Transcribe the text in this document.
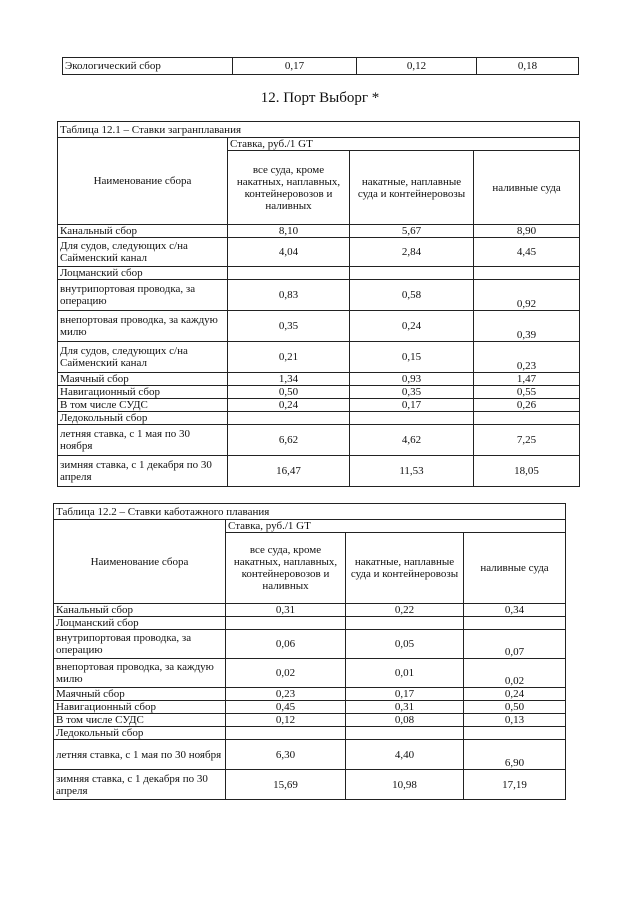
Экологический сбор	0,17	0,12	0,18
12. Порт Выборг *
Таблица 12.1 – Ставки загранплавания			
Наименование сбора	Ставка, руб./1 GT		
	все суда, кроме накатных, наплавных, контейнеровозов и наливных	накатные, наплавные суда и контейнеровозы	наливные суда
Канальный сбор	8,10	5,67	8,90
Для судов, следующих с/на Сайменский канал	4,04	2,84	4,45
Лоцманский сбор			
внутрипортовая проводка, за операцию	0,83	0,58	0,92
внепортовая проводка, за каждую милю	0,35	0,24	0,39
Для судов, следующих с/на Сайменский канал	0,21	0,15	0,23
Маячный сбор	1,34	0,93	1,47
Навигационный сбор	0,50	0,35	0,55
В том числе СУДС	0,24	0,17	0,26
Ледокольный сбор			
летняя ставка, с 1 мая по 30 ноября	6,62	4,62	7,25
зимняя ставка, с 1 декабря по 30 апреля	16,47	11,53	18,05
Таблица 12.2 – Ставки каботажного плавания			
Наименование сбора	Ставка, руб./1 GT		
	все суда, кроме накатных, наплавных, контейнеровозов и наливных	накатные, наплавные суда и контейнеровозы	наливные суда
Канальный сбор	0,31	0,22	0,34
Лоцманский сбор			
внутрипортовая проводка, за операцию	0,06	0,05	0,07
внепортовая проводка, за каждую милю	0,02	0,01	0,02
Маячный сбор	0,23	0,17	0,24
Навигационный сбор	0,45	0,31	0,50
В том числе СУДС	0,12	0,08	0,13
Ледокольный сбор			
летняя ставка, с 1 мая по 30 ноября	6,30	4,40	6,90
зимняя ставка, с 1 декабря по 30 апреля	15,69	10,98	17,19
